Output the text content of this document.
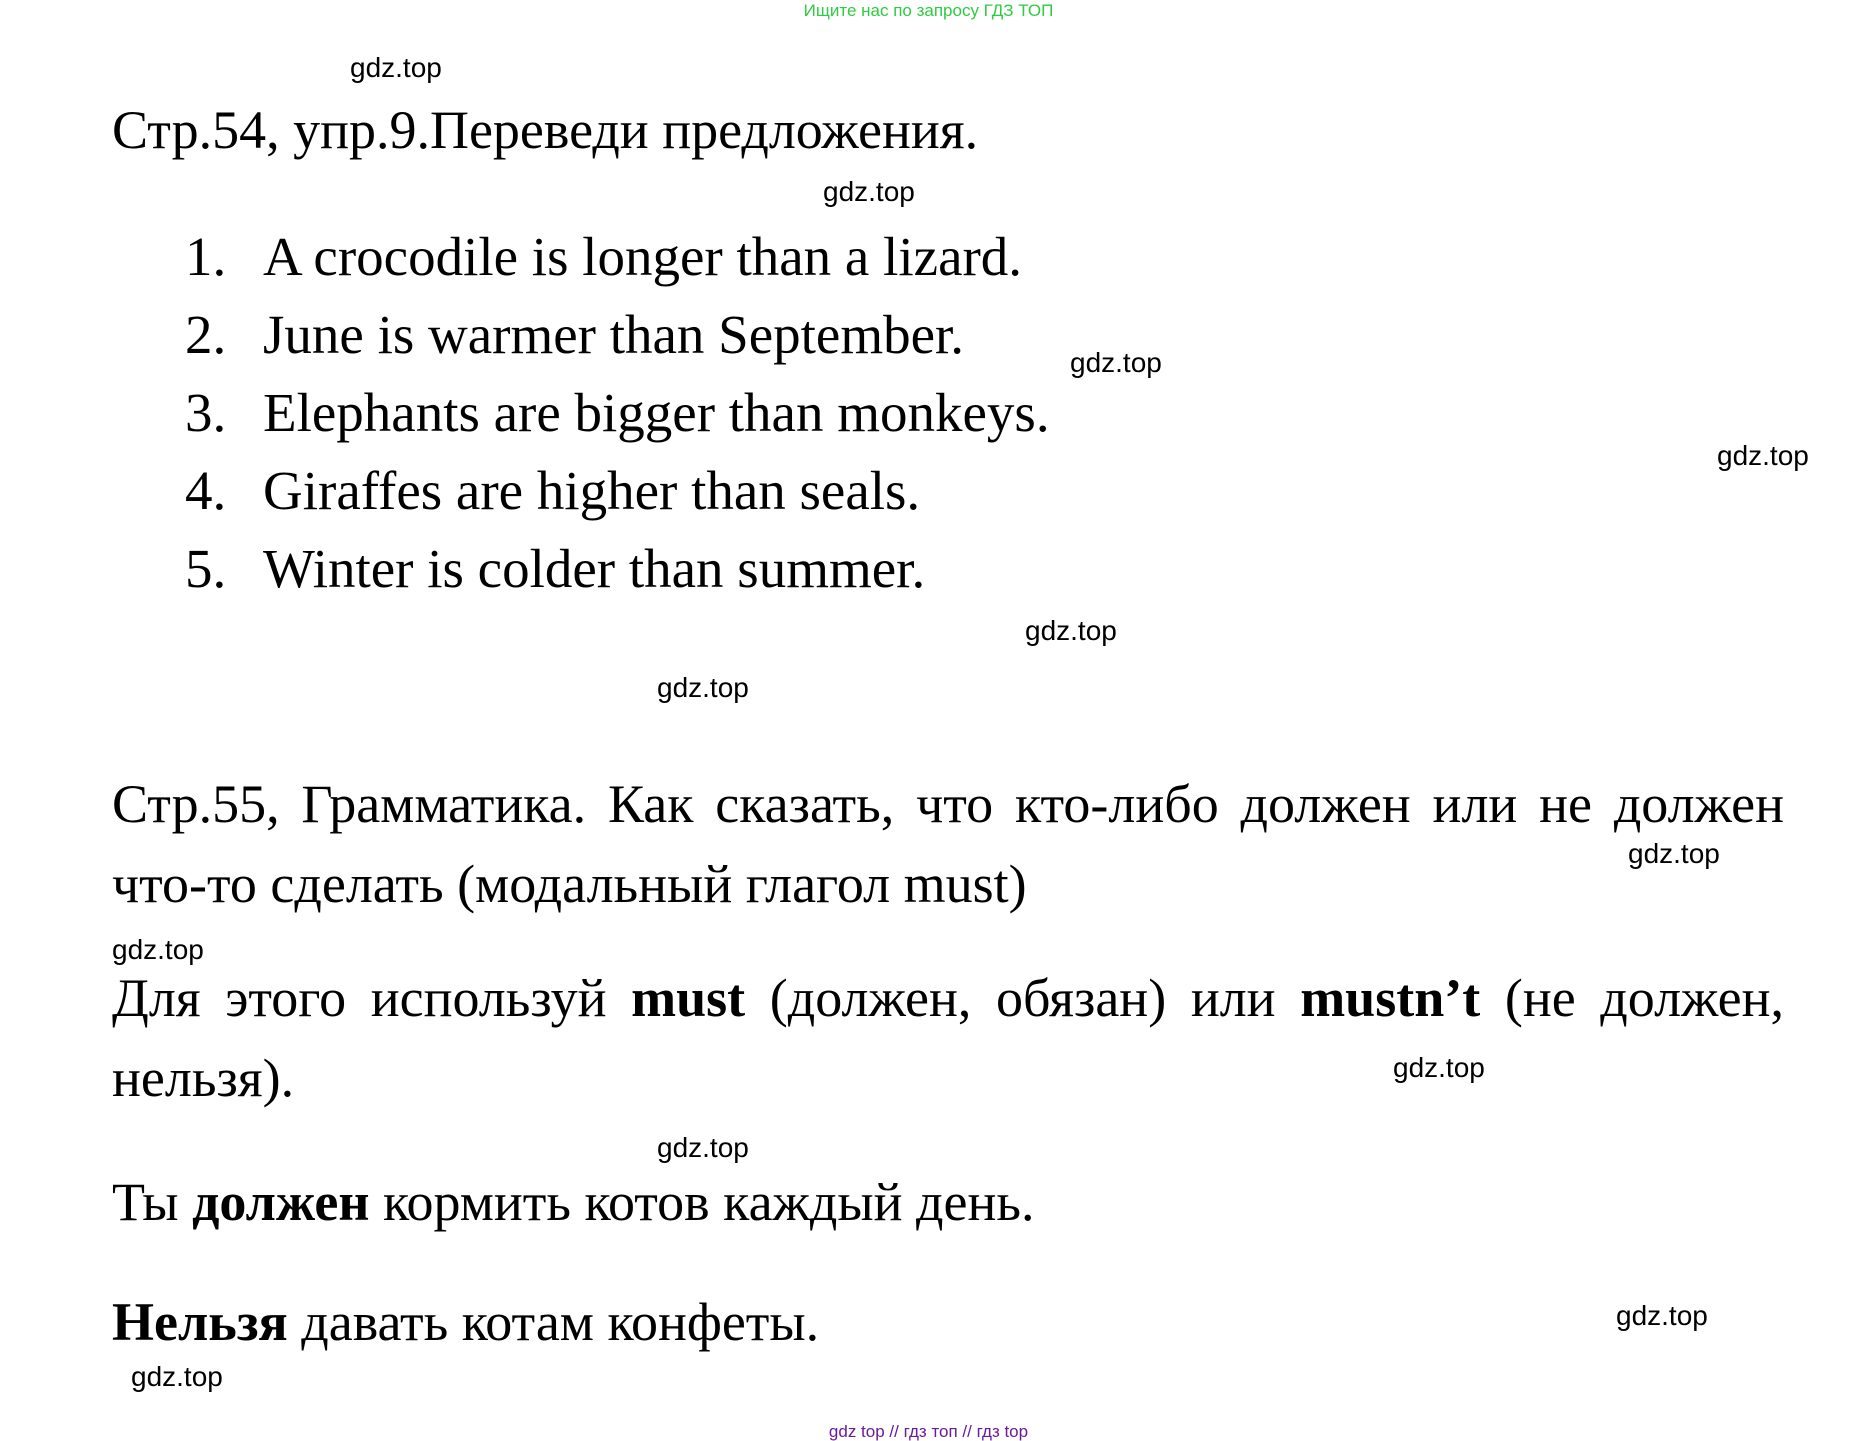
Ищите нас по запросу ГДЗ ТОП
gdz.top
gdz.top
gdz.top
gdz.top
gdz.top
gdz.top
gdz.top
gdz.top
gdz.top
gdz.top
gdz.top
gdz.top
Стр.54, упр.9.Переведи предложения.
1. A crocodile is longer than a lizard.
2. June is warmer than September.
3. Elephants are bigger than monkeys.
4. Giraffes are higher than seals.
5. Winter is colder than summer.

Стр.55, Грамматика. Как сказать, что кто-либо должен или не должен что-то сделать (модальный глагол must)

Для этого используй must (должен, обязан) или mustn’t (не должен, нельзя).

Ты должен кормить котов каждый день.

Нельзя давать котам конфеты.

gdz top // гдз топ // гдз top
